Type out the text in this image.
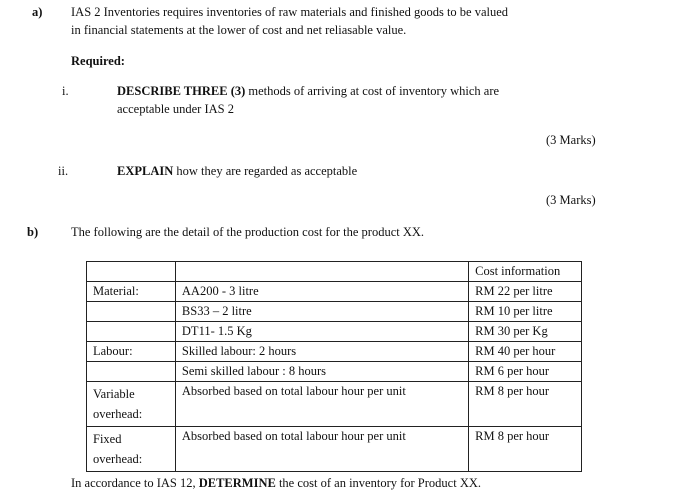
a) IAS 2 Inventories requires inventories of raw materials and finished goods to be valued
in financial statements at the lower of cost and net reliasable value.
Required:
i.	DESCRIBE THREE (3) methods of arriving at cost of inventory which are
acceptable under IAS 2
(3 Marks)
ii.	EXPLAIN how they are regarded as acceptable
(3 Marks)
b)	The following are the detail of the production cost for the product XX.
		Cost information
Material:	AA200 - 3 litre	RM 22 per litre
	BS33 – 2 litre	RM 10 per litre
	DT11- 1.5 Kg	RM 30 per Kg
Labour:	Skilled labour: 2 hours	RM 40 per hour
	Semi skilled labour : 8 hours	RM 6 per hour
Variable overhead:	Absorbed based on total labour hour per unit	RM 8 per hour
Fixed overhead:	Absorbed based on total labour hour per unit	RM 8 per hour
In accordance to IAS 12, DETERMINE the cost of an inventory for Product XX.
